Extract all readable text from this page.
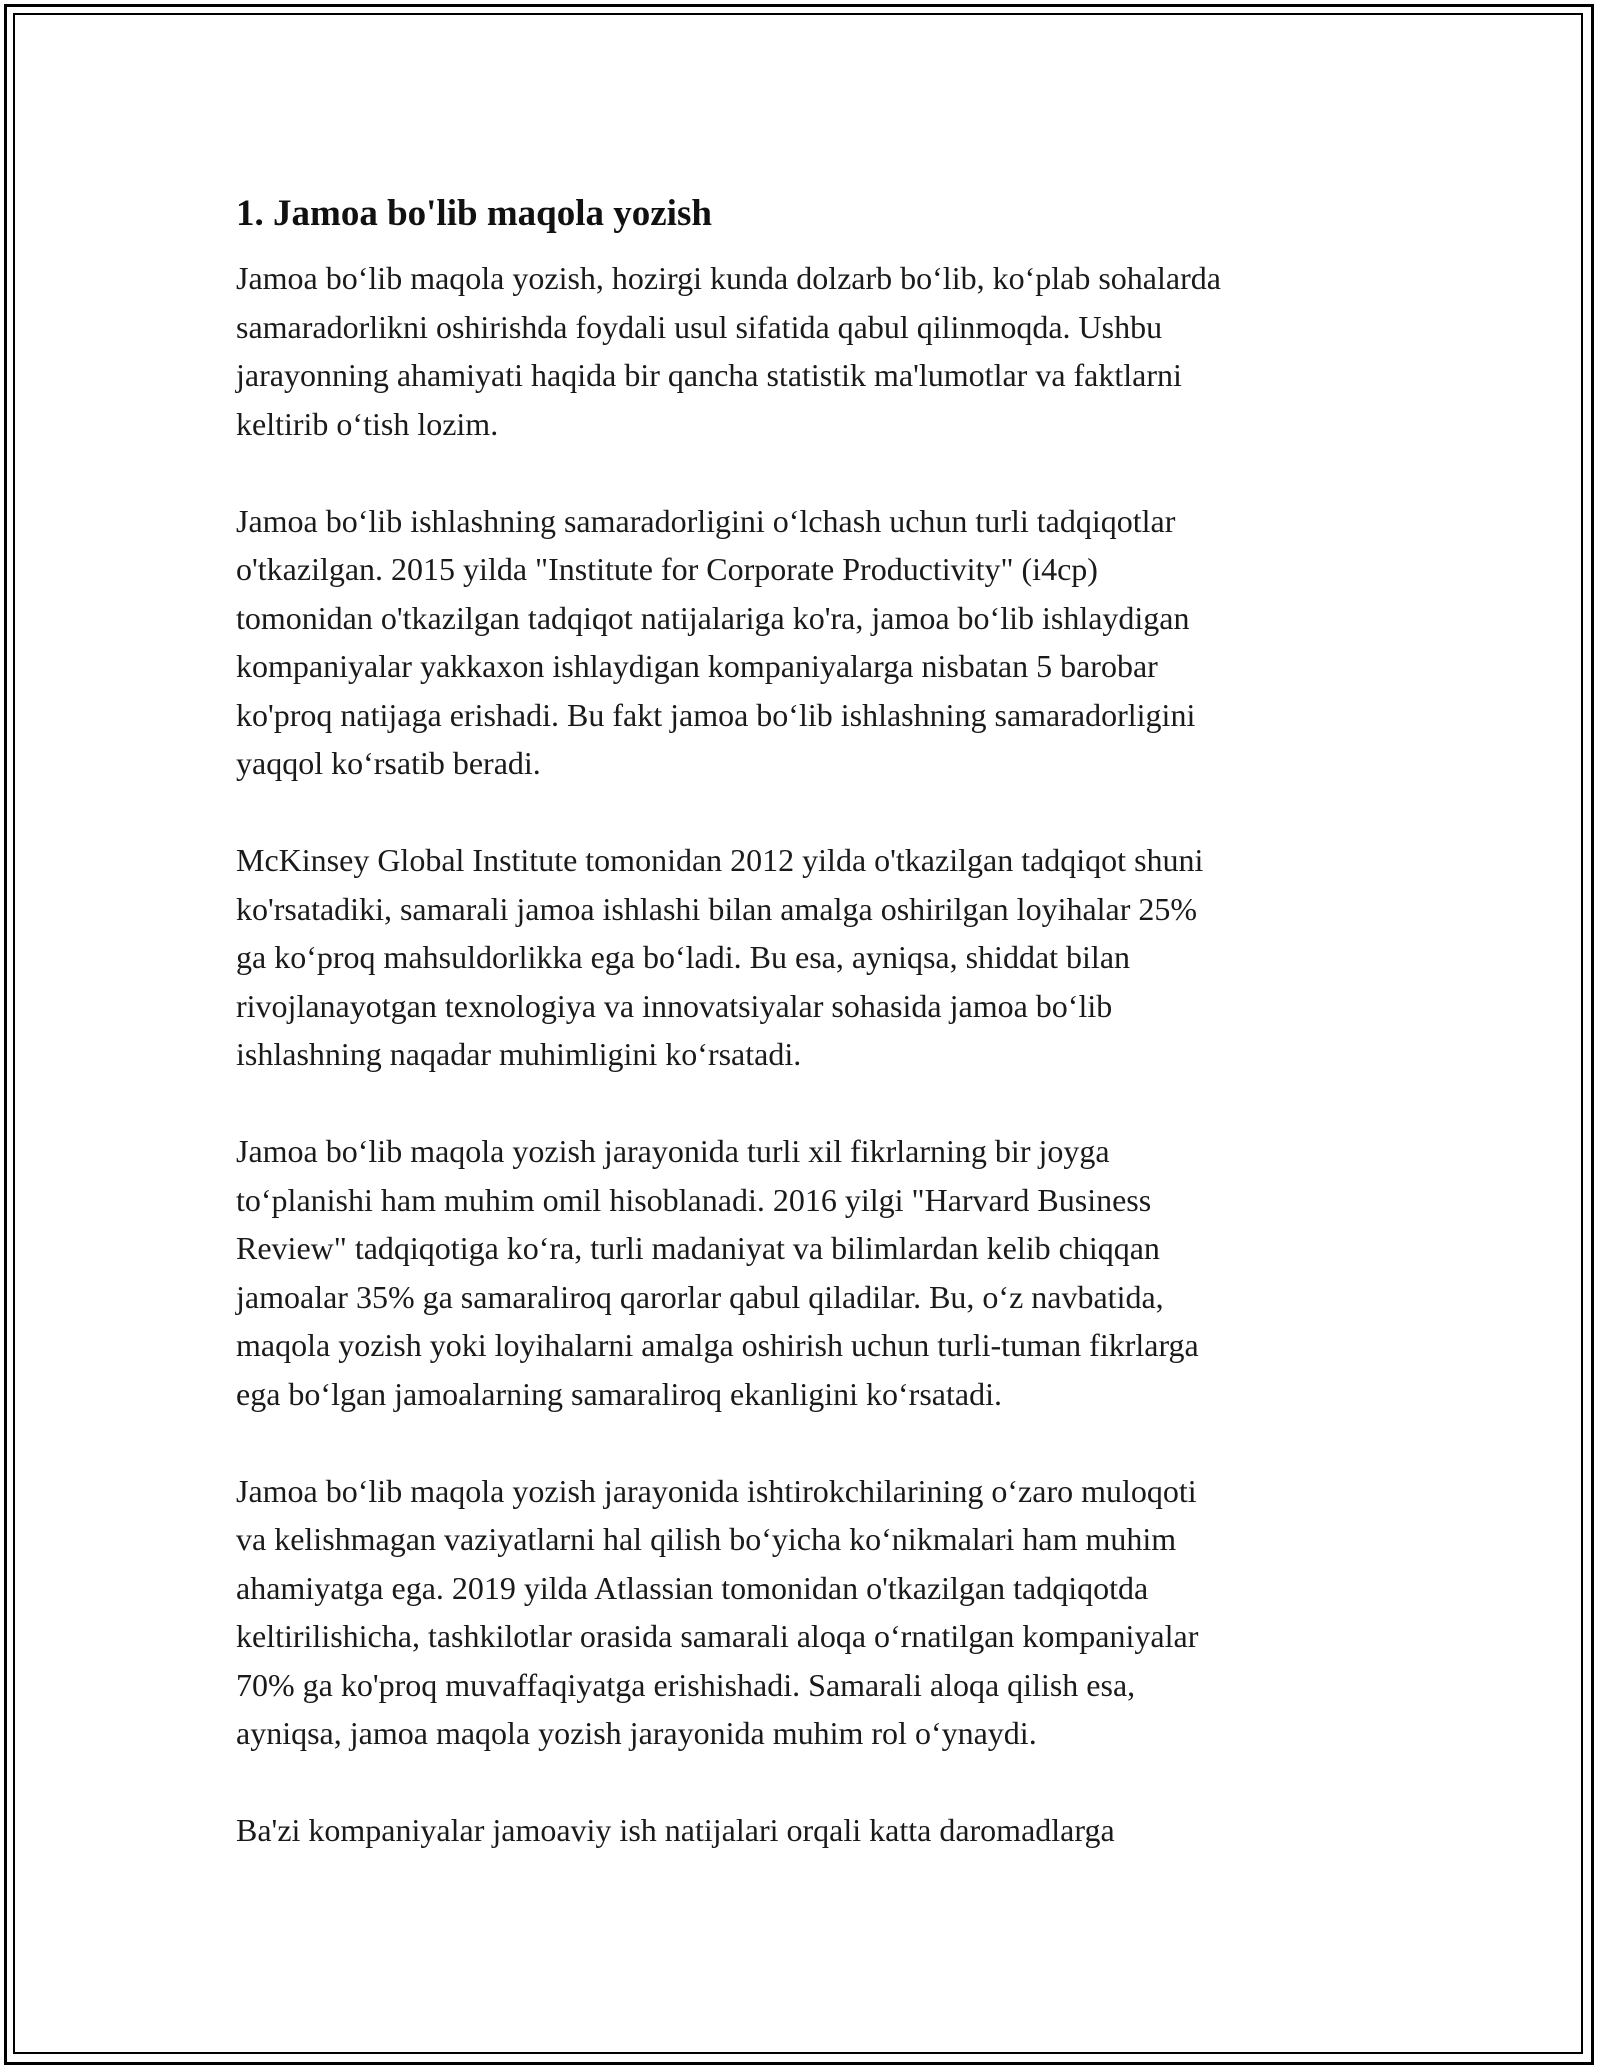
1. Jamoa bo'lib maqola yozish

Jamoa boʻlib maqola yozish, hozirgi kunda dolzarb boʻlib, koʻplab sohalarda
samaradorlikni oshirishda foydali usul sifatida qabul qilinmoqda. Ushbu
jarayonning ahamiyati haqida bir qancha statistik ma'lumotlar va faktlarni
keltirib oʻtish lozim.

Jamoa boʻlib ishlashning samaradorligini oʻlchash uchun turli tadqiqotlar
o'tkazilgan. 2015 yilda "Institute for Corporate Productivity" (i4cp)
tomonidan o'tkazilgan tadqiqot natijalariga ko'ra, jamoa boʻlib ishlaydigan
kompaniyalar yakkaxon ishlaydigan kompaniyalarga nisbatan 5 barobar
ko'proq natijaga erishadi. Bu fakt jamoa boʻlib ishlashning samaradorligini
yaqqol koʻrsatib beradi.

McKinsey Global Institute tomonidan 2012 yilda o'tkazilgan tadqiqot shuni
ko'rsatadiki, samarali jamoa ishlashi bilan amalga oshirilgan loyihalar 25%
ga koʻproq mahsuldorlikka ega boʻladi. Bu esa, ayniqsa, shiddat bilan
rivojlanayotgan texnologiya va innovatsiyalar sohasida jamoa boʻlib
ishlashning naqadar muhimligini koʻrsatadi.

Jamoa boʻlib maqola yozish jarayonida turli xil fikrlarning bir joyga
toʻplanishi ham muhim omil hisoblanadi. 2016 yilgi "Harvard Business
Review" tadqiqotiga koʻra, turli madaniyat va bilimlardan kelib chiqqan
jamoalar 35% ga samaraliroq qarorlar qabul qiladilar. Bu, oʻz navbatida,
maqola yozish yoki loyihalarni amalga oshirish uchun turli-tuman fikrlarga
ega boʻlgan jamoalarning samaraliroq ekanligini koʻrsatadi.

Jamoa boʻlib maqola yozish jarayonida ishtirokchilarining oʻzaro muloqoti
va kelishmagan vaziyatlarni hal qilish boʻyicha koʻnikmalari ham muhim
ahamiyatga ega. 2019 yilda Atlassian tomonidan o'tkazilgan tadqiqotda
keltirilishicha, tashkilotlar orasida samarali aloqa oʻrnatilgan kompaniyalar
70% ga ko'proq muvaffaqiyatga erishishadi. Samarali aloqa qilish esa,
ayniqsa, jamoa maqola yozish jarayonida muhim rol oʻynaydi.

Ba'zi kompaniyalar jamoaviy ish natijalari orqali katta daromadlarga
